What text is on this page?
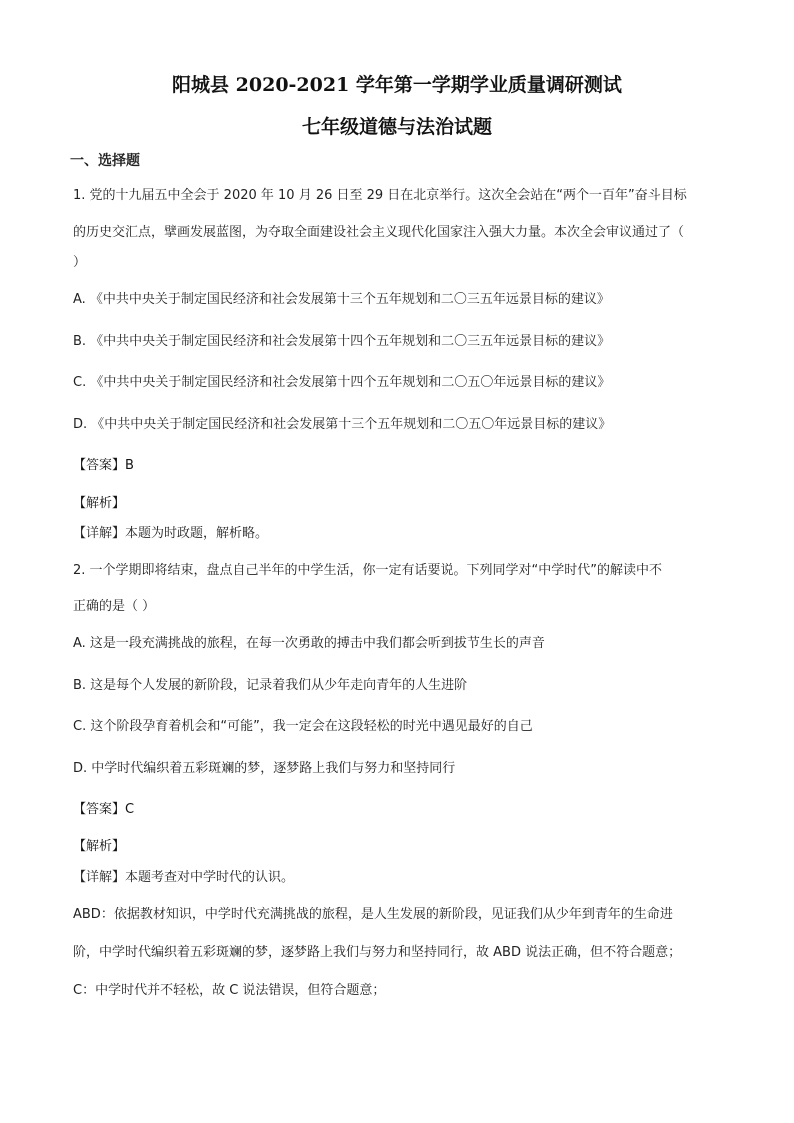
阳城县 2020-2021 学年第一学期学业质量调研测试
七年级道德与法治试题
一、选择题
1. 党的十九届五中全会于 2020 年 10 月 26 日至 29 日在北京举行。这次全会站在“两个一百年”奋斗目标
的历史交汇点，擘画发展蓝图，为夺取全面建设社会主义现代化国家注入强大力量。本次全会审议通过了（
）
A. 《中共中央关于制定国民经济和社会发展第十三个五年规划和二〇三五年远景目标的建议》
B. 《中共中央关于制定国民经济和社会发展第十四个五年规划和二〇三五年远景目标的建议》
C. 《中共中央关于制定国民经济和社会发展第十四个五年规划和二〇五〇年远景目标的建议》
D. 《中共中央关于制定国民经济和社会发展第十三个五年规划和二〇五〇年远景目标的建议》
【答案】B
【解析】
【详解】本题为时政题，解析略。
2. 一个学期即将结束，盘点自己半年的中学生活，你一定有话要说。下列同学对“中学时代”的解读中不
正确的是（ ）
A. 这是一段充满挑战的旅程，在每一次勇敢的搏击中我们都会听到拔节生长的声音
B. 这是每个人发展的新阶段，记录着我们从少年走向青年的人生进阶
C. 这个阶段孕育着机会和“可能”，我一定会在这段轻松的时光中遇见最好的自己
D. 中学时代编织着五彩斑斓的梦，逐梦路上我们与努力和坚持同行
【答案】C
【解析】
【详解】本题考查对中学时代的认识。
ABD：依据教材知识，中学时代充满挑战的旅程，是人生发展的新阶段，见证我们从少年到青年的生命进
阶，中学时代编织着五彩斑斓的梦，逐梦路上我们与努力和坚持同行，故 ABD 说法正确，但不符合题意；
C：中学时代并不轻松，故 C 说法错误，但符合题意；
